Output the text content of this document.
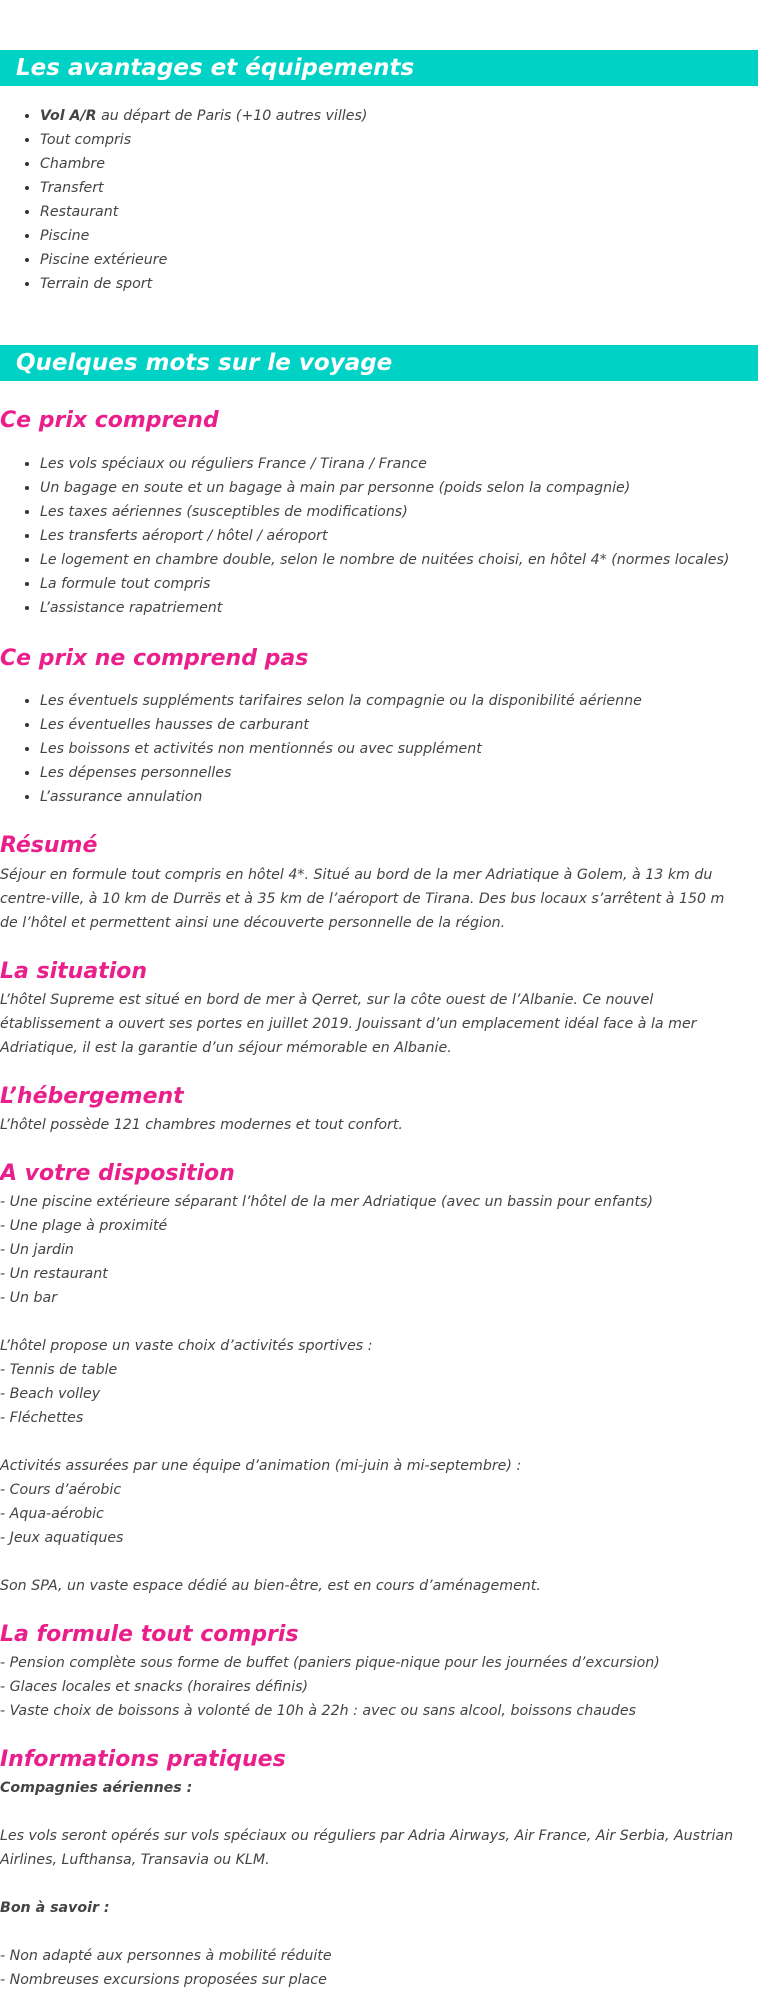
Les avantages et équipements
• Vol A/R au départ de Paris (+10 autres villes)
• Tout compris
• Chambre
• Transfert
• Restaurant
• Piscine
• Piscine extérieure
• Terrain de sport
Quelques mots sur le voyage
Ce prix comprend
• Les vols spéciaux ou réguliers France / Tirana / France
• Un bagage en soute et un bagage à main par personne (poids selon la compagnie)
• Les taxes aériennes (susceptibles de modifications)
• Les transferts aéroport / hôtel / aéroport
• Le logement en chambre double, selon le nombre de nuitées choisi, en hôtel 4* (normes locales)
• La formule tout compris
• L’assistance rapatriement
Ce prix ne comprend pas
• Les éventuels suppléments tarifaires selon la compagnie ou la disponibilité aérienne
• Les éventuelles hausses de carburant
• Les boissons et activités non mentionnés ou avec supplément
• Les dépenses personnelles
• L’assurance annulation
Résumé

Séjour en formule tout compris en hôtel 4*. Situé au bord de la mer Adriatique à Golem, à 13 km du centre-ville, à 10 km de Durrës et à 35 km de l’aéroport de Tirana. Des bus locaux s’arrêtent à 150 m de l’hôtel et permettent ainsi une découverte personnelle de la région.

La situation

L’hôtel Supreme est situé en bord de mer à Qerret, sur la côte ouest de l’Albanie. Ce nouvel établissement a ouvert ses portes en juillet 2019. Jouissant d’un emplacement idéal face à la mer Adriatique, il est la garantie d’un séjour mémorable en Albanie.

L’hébergement

L’hôtel possède 121 chambres modernes et tout confort.

A votre disposition
- Une piscine extérieure séparant l’hôtel de la mer Adriatique (avec un bassin pour enfants)
- Une plage à proximité
- Un jardin
- Un restaurant
- Un bar
L’hôtel propose un vaste choix d’activités sportives :
- Tennis de table
- Beach volley
- Fléchettes
Activités assurées par une équipe d’animation (mi-juin à mi-septembre) :
- Cours d’aérobic
- Aqua-aérobic
- Jeux aquatiques
Son SPA, un vaste espace dédié au bien-être, est en cours d’aménagement.
La formule tout compris
- Pension complète sous forme de buffet (paniers pique-nique pour les journées d’excursion)
- Glaces locales et snacks (horaires définis)
- Vaste choix de boissons à volonté de 10h à 22h : avec ou sans alcool, boissons chaudes
Informations pratiques
Compagnies aériennes :

Les vols seront opérés sur vols spéciaux ou réguliers par Adria Airways, Air France, Air Serbia, Austrian Airlines, Lufthansa, Transavia ou KLM.

Bon à savoir :
- Non adapté aux personnes à mobilité réduite
- Nombreuses excursions proposées sur place
